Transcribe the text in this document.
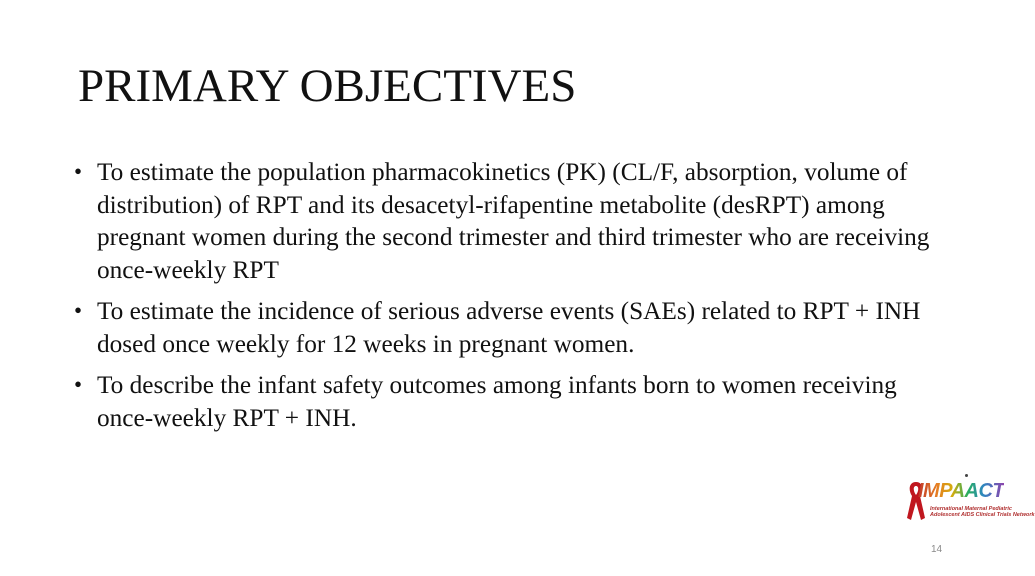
PRIMARY OBJECTIVES
• To estimate the population pharmacokinetics (PK) (CL/F, absorption, volume of distribution) of RPT and its desacetyl-rifapentine metabolite (desRPT) among pregnant women during the second trimester and third trimester who are receiving once-weekly RPT
• To estimate the incidence of serious adverse events (SAEs) related to RPT + INH dosed once weekly for 12 weeks in pregnant women.
• To describe the infant safety outcomes among infants born to women receiving once-weekly RPT + INH.
IMPAACT
International Maternal Pediatric
Adolescent AIDS Clinical Trials Network
14
